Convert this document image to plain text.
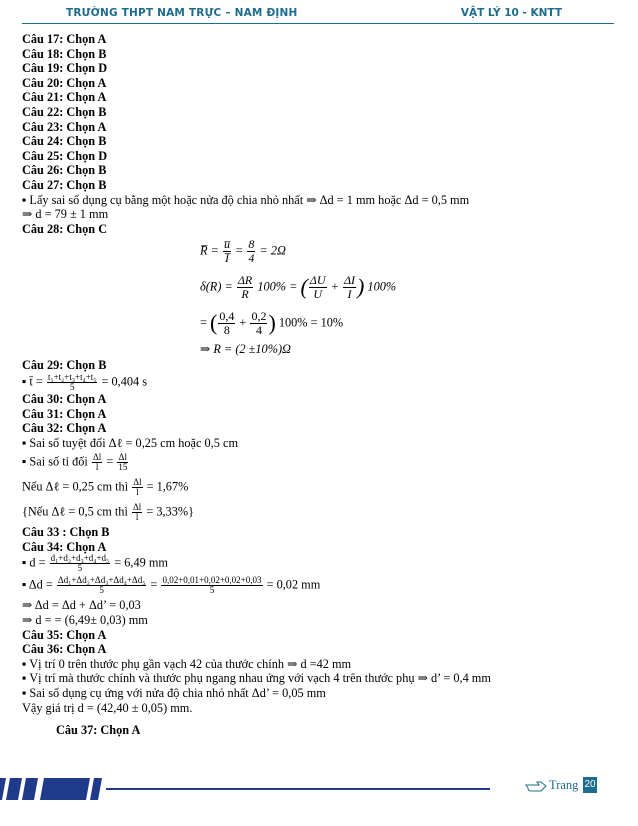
TRƯỜNG THPT NAM TRỰC – NAM ĐỊNH	VẬT LÝ 10 - KNTT
Câu 17: Chọn A
Câu 18: Chọn B
Câu 19: Chọn D
Câu 20: Chọn A
Câu 21: Chọn A
Câu 22: Chọn B
Câu 23: Chọn A
Câu 24: Chọn B
Câu 25: Chọn D
Câu 26: Chọn B
Câu 27: Chọn B
▪ Lấy sai số dụng cụ bằng một hoặc nửa độ chia nhỏ nhất ⇒ Δd = 1 mm hoặc Δd = 0,5 mm
⇒ d = 79 ± 1 mm
Câu 28: Chọn C
R̅ = $\frac{u̅}{I̅} = \frac{8}{4} = 2\Omega$
$\delta(R) = \frac{\Delta R}{R} 100\%$ = ( $\frac{\Delta U}{U} + \frac{\Delta I}{I}$ ) 100%
= ( $\frac{0,4}{8} + \frac{0,2}{4}$ ) 100% = 10%
⇒ R = (2 ±10%)Ω
Câu 29: Chọn B
▪ t̄ = $\frac{\text{t₁+t₂+t₃+t₄+t₅}}{5} = 0,404$ s
Câu 30: Chọn A
Câu 31: Chọn A
Câu 32: Chọn A
▪ Sai số tuyệt đối Δℓ = 0,25 cm hoặc 0,5 cm
▪ Sai số tỉ đối $\frac{\Delta l}{l} = \frac{\Delta l}{15}$
Nếu Δℓ = 0,25 cm thì $\frac{\Delta l}{l} = 1,67\%$
{Nếu Δℓ = 0,5 cm thì $\frac{\Delta l}{l} = 3,33\%$}
Câu 33 : Chọn B
Câu 34: Chọn A
▪ $d = \frac{\text{d₁+d₂+d₃+d₄+d₅}}{5} = 6,49$ mm
▪ $\Delta d = \frac{\text{Δd₁+Δd₂+Δd₃+Δd₄+Δd₅}}{5} = \frac{0,02+0,01+0,02+0,02+0,03}{5} = 0,02$ mm
⇒ Δd = Δd + Δd’ = 0,03
⇒ d = = (6,49± 0,03) mm
Câu 35: Chọn A
Câu 36: Chọn A
▪ Vị trí 0 trên thước phụ gần vạch 42 của thước chính ⇒ d =42 mm
▪ Vị trí mà thước chính và thước phụ ngang nhau ứng với vạch 4 trên thước phụ ⇒ d’ = 0,4 mm
▪ Sai số dụng cụ ứng với nửa độ chia nhỏ nhất Δd’ = 0,05 mm
Vậy giá trị d = (42,40 ± 0,05) mm.
Câu 37: Chọn A
Trang 20
